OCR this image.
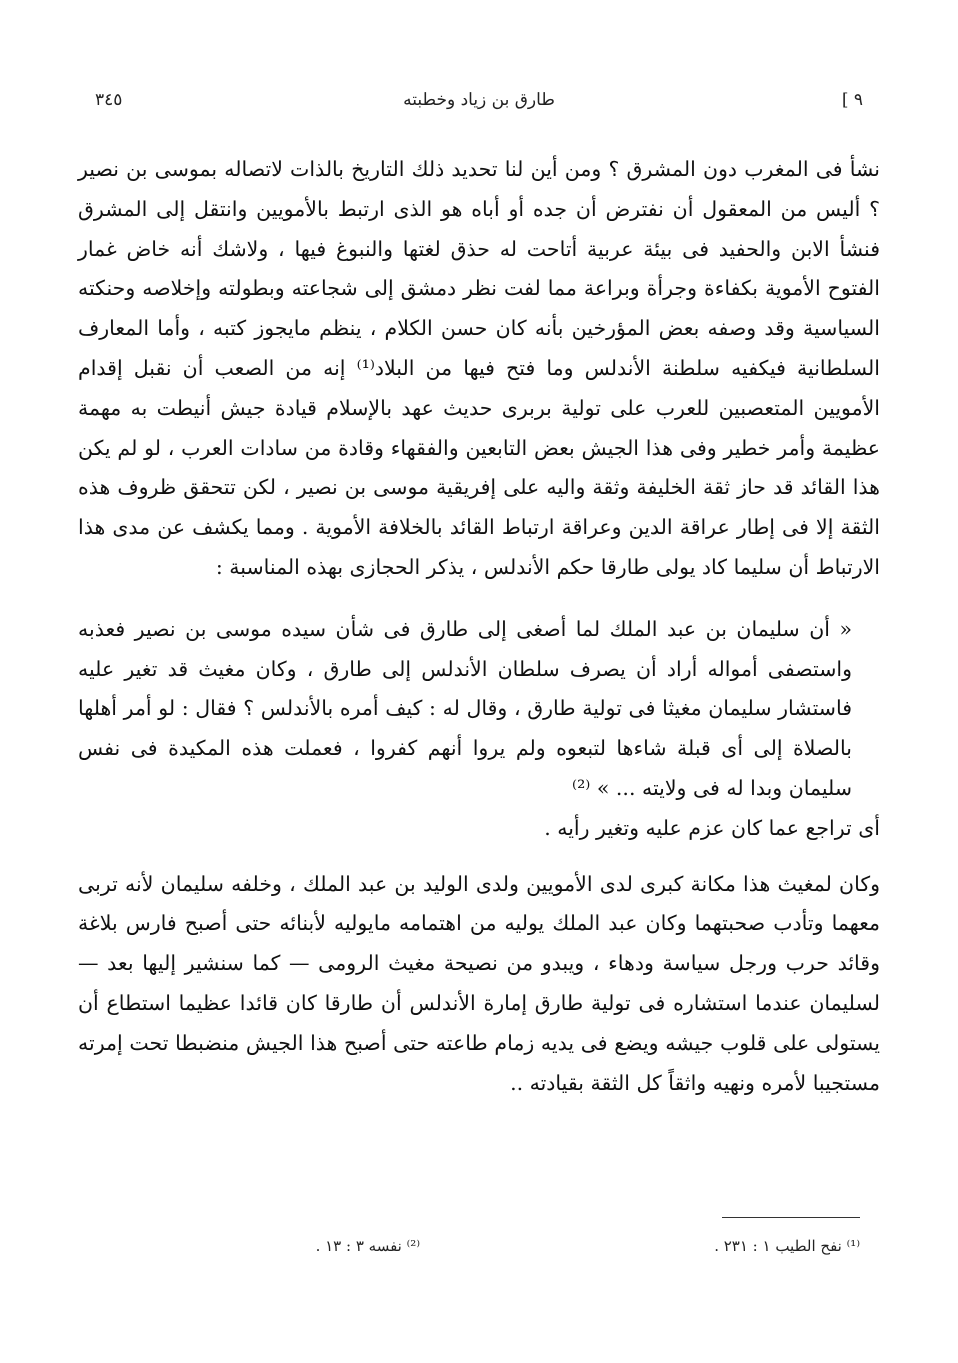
٣٤٥	طارق بن زياد وخطبته	[ ٩

نشأ فى المغرب دون المشرق ؟ ومن أين لنا تحديد ذلك التاريخ بالذات لاتصاله بموسى بن نصير ؟ أليس من المعقول أن نفترض أن جده أو أباه هو الذى ارتبط بالأمويين وانتقل إلى المشرق فنشأ الابن والحفيد فى بيئة عربية أتاحت له حذق لغتها والنبوغ فيها ، ولاشك أنه خاض غمار الفتوح الأموية بكفاءة وجرأة وبراعة مما لفت نظر دمشق إلى شجاعته وبطولته وإخلاصه وحنكته السياسية وقد وصفه بعض المؤرخين بأنه كان حسن الكلام ، ينظم مايجوز كتبه ، وأما المعارف السلطانية فيكفيه سلطنة الأندلس وما فتح فيها من البلاد⁽¹⁾ إنه من الصعب أن نقبل إقدام الأمويين المتعصبين للعرب على تولية بربرى حديث عهد بالإسلام قيادة جيش أنيطت به مهمة عظيمة وأمر خطير وفى هذا الجيش بعض التابعين والفقهاء وقادة من سادات العرب ، لو لم يكن هذا القائد قد حاز ثقة الخليفة وثقة واليه على إفريقية موسى بن نصير ، لكن تتحقق ظروف هذه الثقة إلا فى إطار عراقة الدين وعراقة ارتباط القائد بالخلافة الأموية . ومما يكشف عن مدى هذا الارتباط أن سليما كاد يولى طارقا حكم الأندلس ، يذكر الحجازى بهذه المناسبة :

« أن سليمان بن عبد الملك لما أصغى إلى طارق فى شأن سيده موسى بن نصير فعذبه واستصفى أمواله أراد أن يصرف سلطان الأندلس إلى طارق ، وكان مغيث قد تغير عليه فاستشار سليمان مغيثا فى تولية طارق ، وقال له : كيف أمره بالأندلس ؟ فقال : لو أمر أهلها بالصلاة إلى أى قبلة شاءها لتبعوه ولم يروا أنهم كفروا ، فعملت هذه المكيدة فى نفس سليمان وبدا له فى ولايته ... » ⁽²⁾

أى تراجع عما كان عزم عليه وتغير رأيه .

وكان لمغيث هذا مكانة كبرى لدى الأمويين ولدى الوليد بن عبد الملك ، وخلفه سليمان لأنه تربى معهما وتأدب صحبتهما وكان عبد الملك يوليه من اهتمامه مايوليه لأبنائه حتى أصبح فارس بلاغة وقائد حرب ورجل سياسة ودهاء ، ويبدو من نصيحة مغيث الرومى — كما سنشير إليها بعد — لسليمان عندما استشاره فى تولية طارق إمارة الأندلس أن طارقا كان قائدا عظيما استطاع أن يستولى على قلوب جيشه ويضع فى يديه زمام طاعته حتى أصبح هذا الجيش منضبطا تحت إمرته مستجيبا لأمره ونهيه واثقاً كل الثقة بقيادته ..

⁽¹⁾ نفح الطيب ١ : ٢٣١ .
⁽²⁾ نفسه ٣ : ١٣ .
